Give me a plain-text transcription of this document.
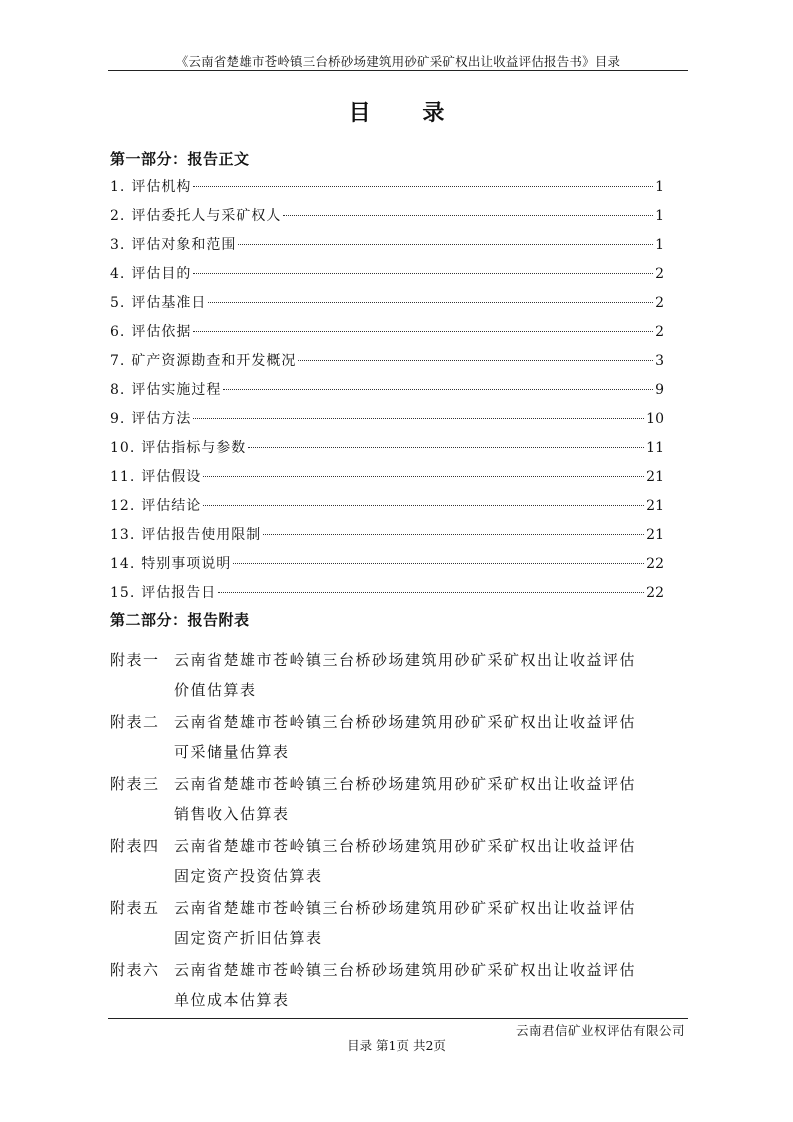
《云南省楚雄市苍岭镇三台桥砂场建筑用砂矿采矿权出让收益评估报告书》目录
目 录
第一部分：报告正文
1. 评估机构	1
2. 评估委托人与采矿权人	1
3. 评估对象和范围	1
4. 评估目的	2
5. 评估基准日	2
6. 评估依据	2
7. 矿产资源勘查和开发概况	3
8. 评估实施过程	9
9. 评估方法	10
10. 评估指标与参数	11
11. 评估假设	21
12. 评估结论	21
13. 评估报告使用限制	21
14. 特别事项说明	22
15. 评估报告日	22
第二部分：报告附表
附表一 云南省楚雄市苍岭镇三台桥砂场建筑用砂矿采矿权出让收益评估
价值估算表
附表二 云南省楚雄市苍岭镇三台桥砂场建筑用砂矿采矿权出让收益评估
可采储量估算表
附表三 云南省楚雄市苍岭镇三台桥砂场建筑用砂矿采矿权出让收益评估
销售收入估算表
附表四 云南省楚雄市苍岭镇三台桥砂场建筑用砂矿采矿权出让收益评估
固定资产投资估算表
附表五 云南省楚雄市苍岭镇三台桥砂场建筑用砂矿采矿权出让收益评估
固定资产折旧估算表
附表六 云南省楚雄市苍岭镇三台桥砂场建筑用砂矿采矿权出让收益评估
单位成本估算表
云南君信矿业权评估有限公司
目录 第1页 共2页
